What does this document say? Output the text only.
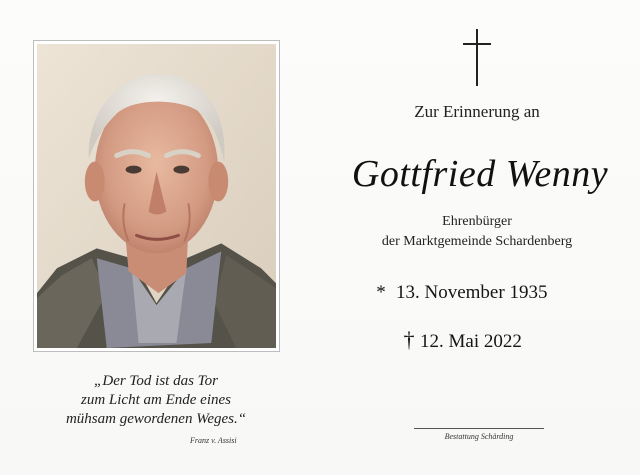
„Der Tod ist das Tor
zum Licht am Ende eines
mühsam gewordenen Weges.“
Franz v. Assisi
Zur Erinnerung an
Gottfried Wenny
Ehrenbürger
der Marktgemeinde Schardenberg
* 13. November 1935
† 12. Mai 2022
Bestattung Schärding
